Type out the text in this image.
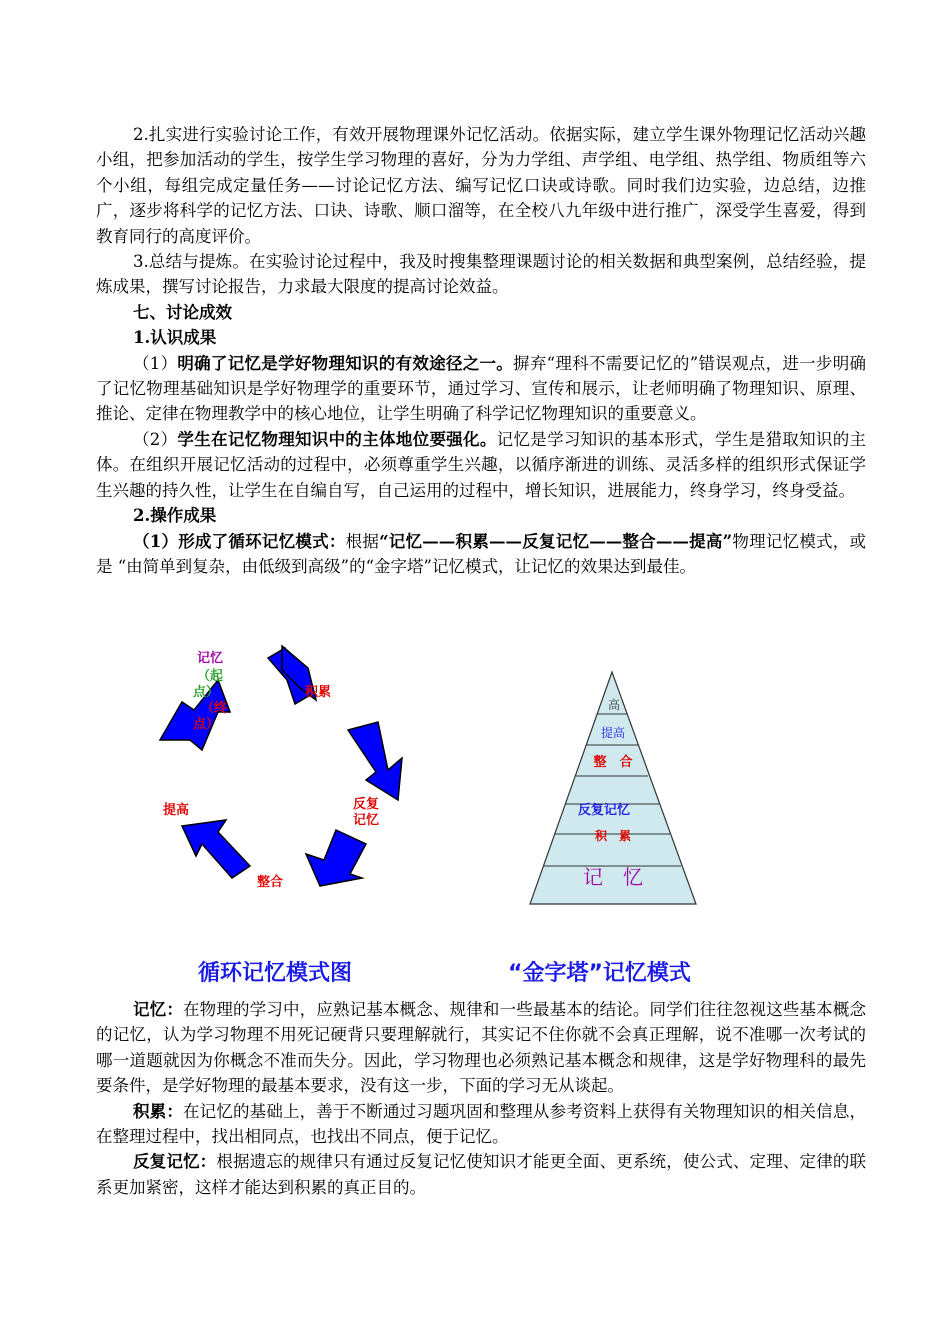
2.扎实进行实验讨论工作，有效开展物理课外记忆活动。依据实际，建立学生课外物理记忆活动兴趣小组，把参加活动的学生，按学生学习物理的喜好，分为力学组、声学组、电学组、热学组、物质组等六个小组，每组完成定量任务——讨论记忆方法、编写记忆口诀或诗歌。同时我们边实验，边总结，边推广，逐步将科学的记忆方法、口诀、诗歌、顺口溜等，在全校八九年级中进行推广，深受学生喜爱，得到教育同行的高度评价。

3.总结与提炼。在实验讨论过程中，我及时搜集整理课题讨论的相关数据和典型案例，总结经验，提炼成果，撰写讨论报告，力求最大限度的提高讨论效益。

七、讨论成效

1.认识成果

（1）明确了记忆是学好物理知识的有效途径之一。摒弃“理科不需要记忆的”错误观点，进一步明确了记忆物理基础知识是学好物理学的重要环节，通过学习、宣传和展示，让老师明确了物理知识、原理、推论、定律在物理教学中的核心地位，让学生明确了科学记忆物理知识的重要意义。

（2）学生在记忆物理知识中的主体地位要强化。记忆是学习知识的基本形式，学生是猎取知识的主体。在组织开展记忆活动的过程中，必须尊重学生兴趣，以循序渐进的训练、灵活多样的组织形式保证学生兴趣的持久性，让学生在自编自写，自己运用的过程中，增长知识，进展能力，终身学习，终身受益。

2.操作成果

（1）形成了循环记忆模式：根据“记忆——积累——反复记忆——整合——提高”物理记忆模式，或是 “由简单到复杂，由低级到高级”的“金字塔”记忆模式，让记忆的效果达到最佳。

记忆
（起
点）
（终
点）
积累
反复
记忆
整合
提高
高
提高
整　合
反复记忆
积　累
记　忆
循环记忆模式图	“金字塔”记忆模式

记忆：在物理的学习中，应熟记基本概念、规律和一些最基本的结论。同学们往往忽视这些基本概念的记忆，认为学习物理不用死记硬背只要理解就行，其实记不住你就不会真正理解，说不准哪一次考试的哪一道题就因为你概念不准而失分。因此，学习物理也必须熟记基本概念和规律，这是学好物理科的最先要条件，是学好物理的最基本要求，没有这一步，下面的学习无从谈起。

积累：在记忆的基础上，善于不断通过习题巩固和整理从参考资料上获得有关物理知识的相关信息，在整理过程中，找出相同点，也找出不同点，便于记忆。

反复记忆：根据遗忘的规律只有通过反复记忆使知识才能更全面、更系统，使公式、定理、定律的联系更加紧密，这样才能达到积累的真正目的。
